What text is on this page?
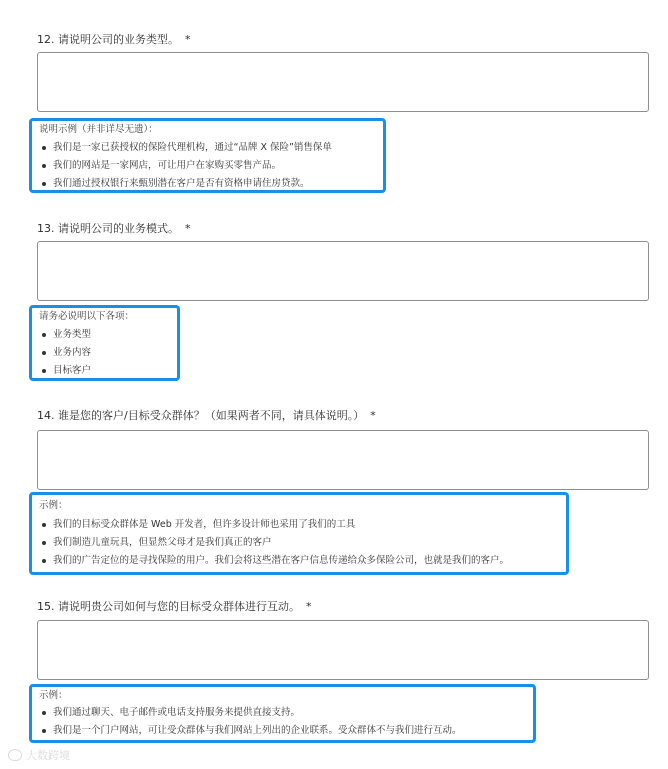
12. 请说明公司的业务类型。 *

说明示例（并非详尽无遗）：

我们是一家已获授权的保险代理机构，通过“品牌 X 保险”销售保单
我们的网站是一家网店，可让用户在家购买零售产品。
我们通过授权银行来甄别潜在客户是否有资格申请住房贷款。
13. 请说明公司的业务模式。 *

请务必说明以下各项：

业务类型
业务内容
目标客户
14. 谁是您的客户/目标受众群体？（如果两者不同，请具体说明。） *

示例：

我们的目标受众群体是 Web 开发者，但许多设计师也采用了我们的工具
我们制造儿童玩具，但显然父母才是我们真正的客户
我们的广告定位的是寻找保险的用户。我们会将这些潜在客户信息传递给众多保险公司，也就是我们的客户。
15. 请说明贵公司如何与您的目标受众群体进行互动。 *

示例：

我们通过聊天、电子邮件或电话支持服务来提供直接支持。
我们是一个门户网站，可让受众群体与我们网站上列出的企业联系。受众群体不与我们进行互动。
大数跨境
